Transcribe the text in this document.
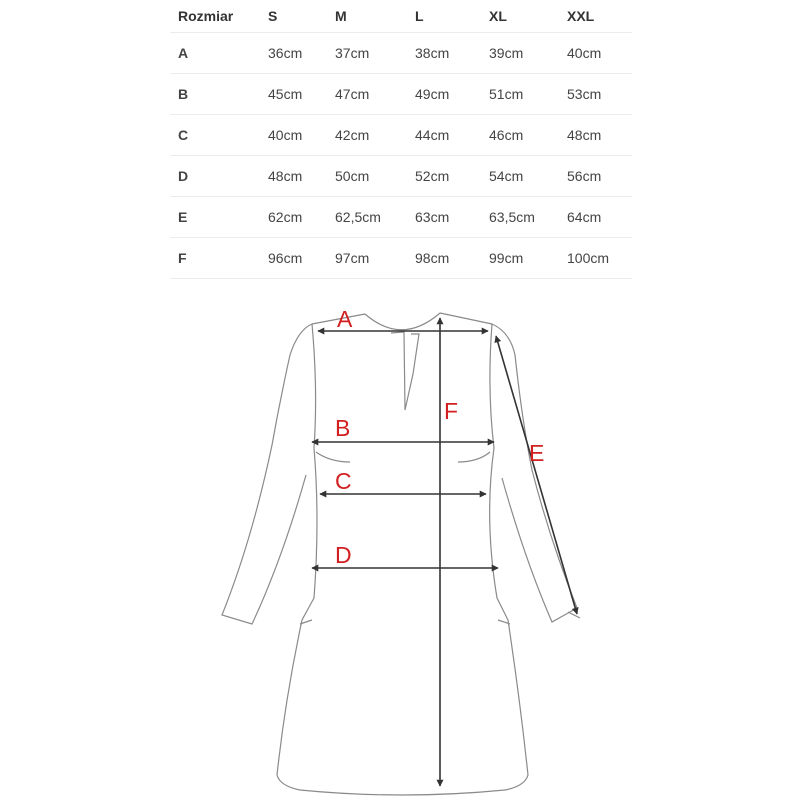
Rozmiar	S	M	L	XL	XXL
A	36cm	37cm	38cm	39cm	40cm
B	45cm	47cm	49cm	51cm	53cm
C	40cm	42cm	44cm	46cm	48cm
D	48cm	50cm	52cm	54cm	56cm
E	62cm	62,5cm	63cm	63,5cm	64cm
F	96cm	97cm	98cm	99cm	100cm
A
B
C
D
E
F
